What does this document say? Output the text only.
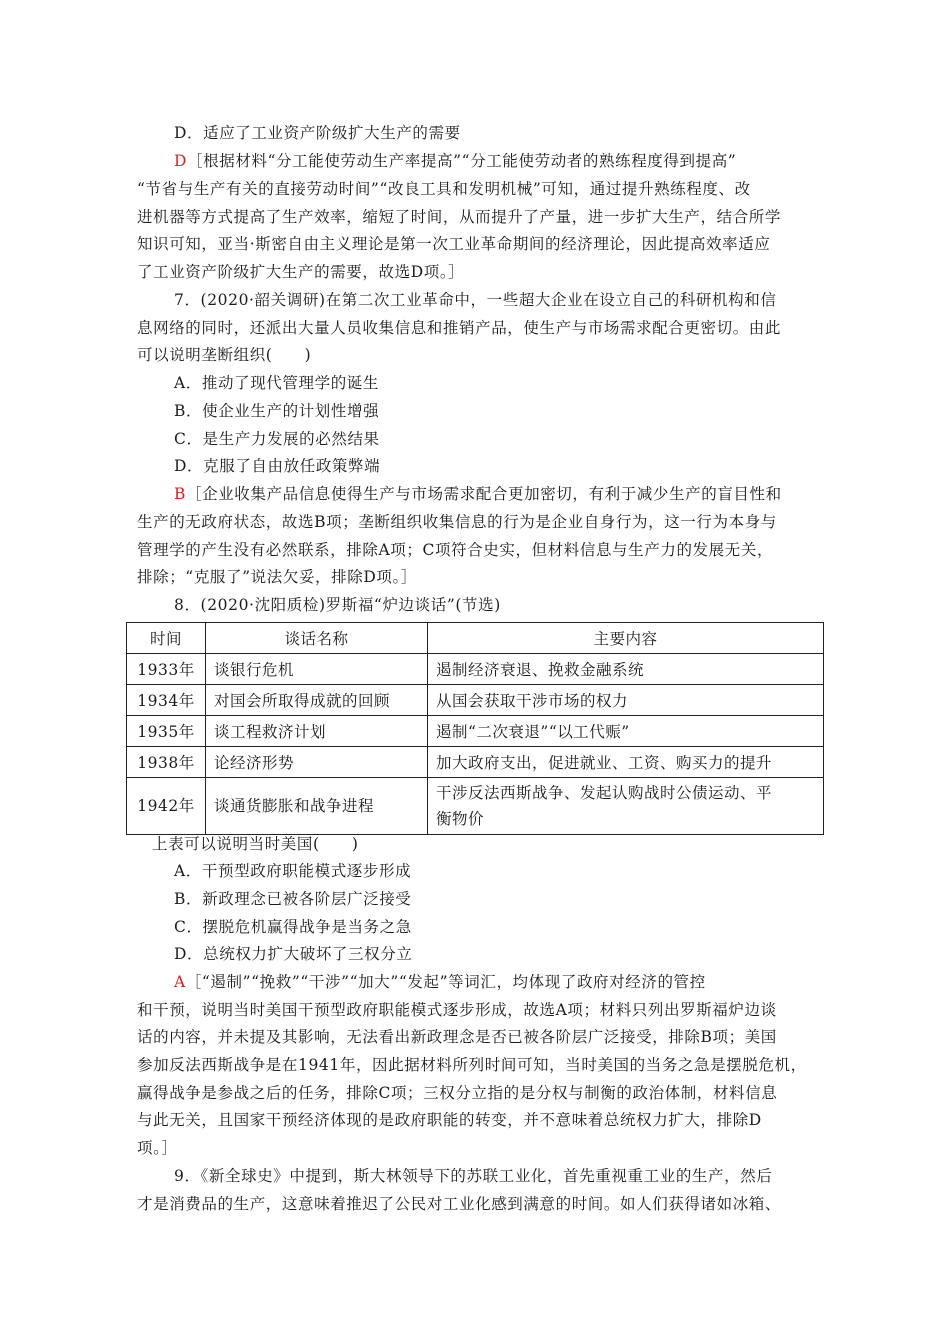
D．适应了工业资产阶级扩大生产的需要
D［根据材料“分工能使劳动生产率提高”“分工能使劳动者的熟练程度得到提高”
“节省与生产有关的直接劳动时间”“改良工具和发明机械”可知，通过提升熟练程度、改
进机器等方式提高了生产效率，缩短了时间，从而提升了产量，进一步扩大生产，结合所学
知识可知，亚当·斯密自由主义理论是第一次工业革命期间的经济理论，因此提高效率适应
了工业资产阶级扩大生产的需要，故选D项。］
7．(2020·韶关调研)在第二次工业革命中，一些超大企业在设立自己的科研机构和信
息网络的同时，还派出大量人员收集信息和推销产品，使生产与市场需求配合更密切。由此
可以说明垄断组织(　　)
A．推动了现代管理学的诞生
B．使企业生产的计划性增强
C．是生产力发展的必然结果
D．克服了自由放任政策弊端
B［企业收集产品信息使得生产与市场需求配合更加密切，有利于减少生产的盲目性和
生产的无政府状态，故选B项；垄断组织收集信息的行为是企业自身行为，这一行为本身与
管理学的产生没有必然联系，排除A项；C项符合史实，但材料信息与生产力的发展无关，
排除；“克服了”说法欠妥，排除D项。］
8．(2020·沈阳质检)罗斯福“炉边谈话”(节选)
时间	谈话名称	主要内容
1933年	谈银行危机	遏制经济衰退、挽救金融系统
1934年	对国会所取得成就的回顾	从国会获取干涉市场的权力
1935年	谈工程救济计划	遏制“二次衰退”“以工代赈”
1938年	论经济形势	加大政府支出，促进就业、工资、购买力的提升
1942年	谈通货膨胀和战争进程	干涉反法西斯战争、发起认购战时公债运动、平
衡物价
上表可以说明当时美国(　　)
A．干预型政府职能模式逐步形成
B．新政理念已被各阶层广泛接受
C．摆脱危机赢得战争是当务之急
D．总统权力扩大破坏了三权分立
A［“遏制”“挽救”“干涉”“加大”“发起”等词汇，均体现了政府对经济的管控
和干预，说明当时美国干预型政府职能模式逐步形成，故选A项；材料只列出罗斯福炉边谈
话的内容，并未提及其影响，无法看出新政理念是否已被各阶层广泛接受，排除B项；美国
参加反法西斯战争是在1941年，因此据材料所列时间可知，当时美国的当务之急是摆脱危机，
赢得战争是参战之后的任务，排除C项；三权分立指的是分权与制衡的政治体制，材料信息
与此无关，且国家干预经济体现的是政府职能的转变，并不意味着总统权力扩大，排除D
项。］
9．《新全球史》中提到，斯大林领导下的苏联工业化，首先重视重工业的生产，然后
才是消费品的生产，这意味着推迟了公民对工业化感到满意的时间。如人们获得诸如冰箱、
